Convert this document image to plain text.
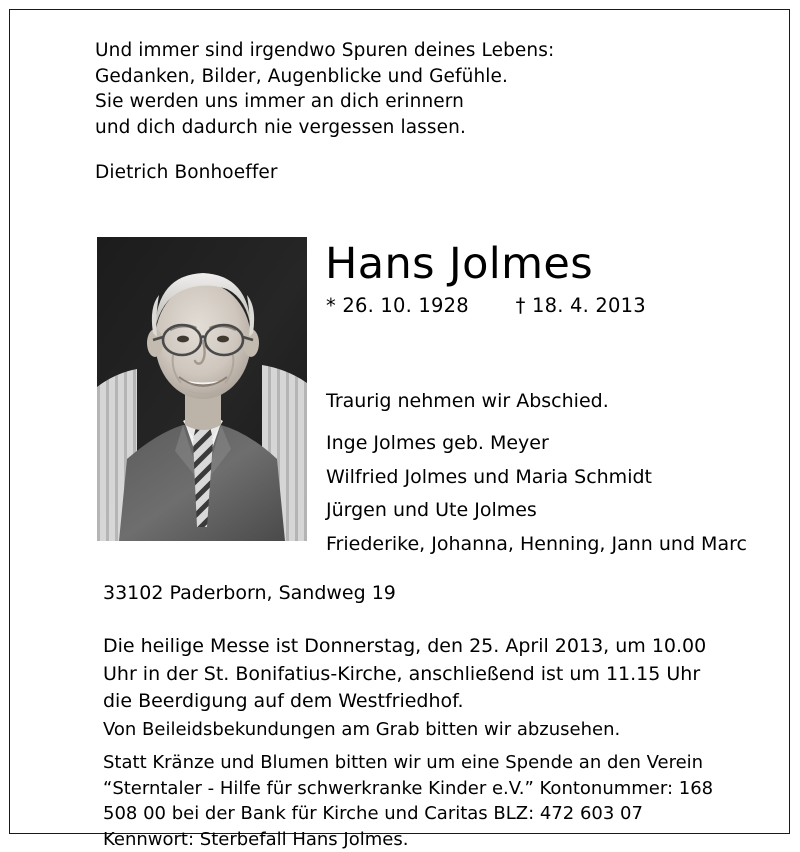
Und immer sind irgendwo Spuren deines Lebens:
Gedanken, Bilder, Augenblicke und Gefühle.
Sie werden uns immer an dich erinnern
und dich dadurch nie vergessen lassen.
Dietrich Bonhoeffer
Hans Jolmes
* 26. 10. 1928 † 18. 4. 2013
Traurig nehmen wir Abschied.
Inge Jolmes geb. Meyer
Wilfried Jolmes und Maria Schmidt
Jürgen und Ute Jolmes
Friederike, Johanna, Henning, Jann und Marc
33102 Paderborn, Sandweg 19
Die heilige Messe ist Donnerstag, den 25. April 2013, um 10.00 Uhr in der St. Bonifatius-Kirche, anschließend ist um 11.15 Uhr die Beerdigung auf dem Westfriedhof.
Von Beileidsbekundungen am Grab bitten wir abzusehen.
Statt Kränze und Blumen bitten wir um eine Spende an den Verein “Sterntaler - Hilfe für schwerkranke Kinder e.V.” Kontonummer: 168 508 00 bei der Bank für Kirche und Caritas BLZ: 472 603 07 Kennwort: Sterbefall Hans Jolmes.
